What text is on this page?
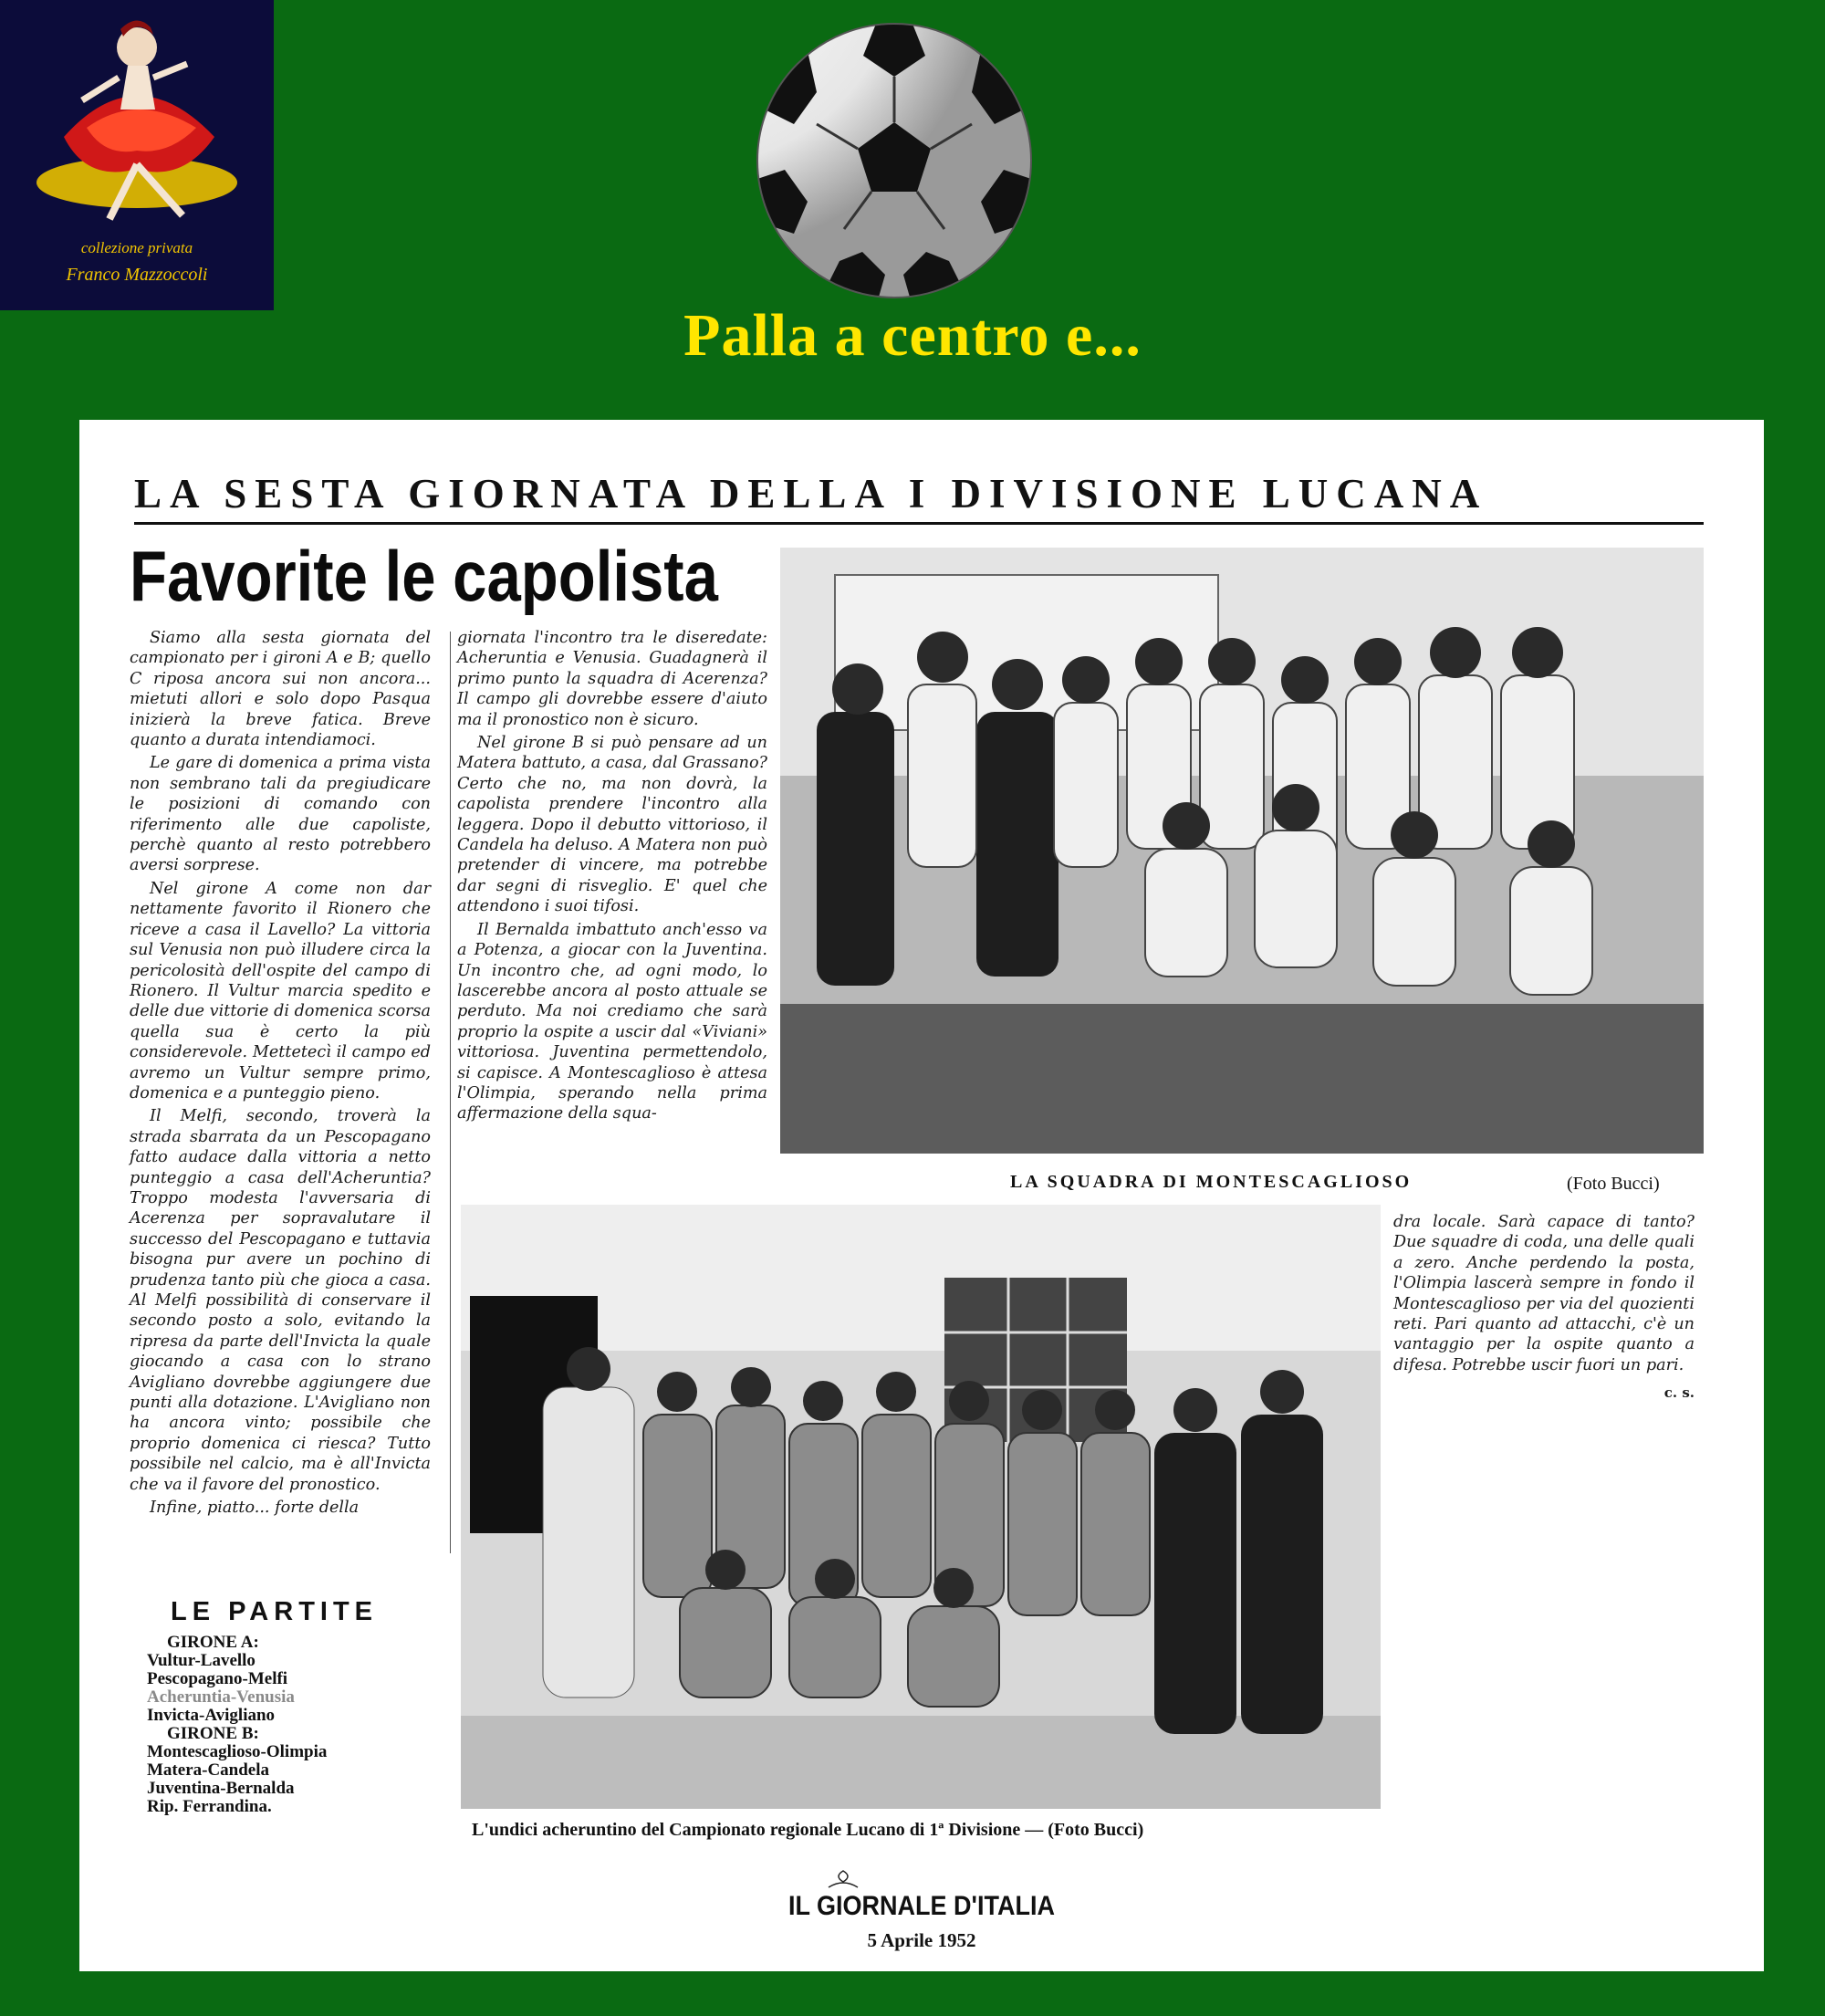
collezione privata
Franco Mazzoccoli
Palla a centro e...
LA SESTA GIORNATA DELLA I DIVISIONE LUCANA
Favorite le capolista

Siamo alla sesta giornata del campionato per i gironi A e B; quello C riposa ancora sui non ancora... mietuti allori e solo dopo Pasqua inizierà la breve fatica. Breve quanto a durata intendiamoci.

Le gare di domenica a prima vista non sembrano tali da pregiudicare le posizioni di comando con riferimento alle due capoliste, perchè quanto al resto potrebbero aversi sorprese.

Nel girone A come non dar nettamente favorito il Rionero che riceve a casa il Lavello? La vittoria sul Venusia non può illudere circa la pericolosità dell'ospite del campo di Rionero. Il Vultur marcia spedito e delle due vittorie di domenica scorsa quella sua è certo la più considerevole. Mettetecì il campo ed avremo un Vultur sempre primo, domenica e a punteggio pieno.

Il Melfi, secondo, troverà la strada sbarrata da un Pescopagano fatto audace dalla vittoria a netto punteggio a casa dell'Acheruntia? Troppo modesta l'avversaria di Acerenza per sopravalutare il successo del Pescopagano e tuttavia bisogna pur avere un pochino di prudenza tanto più che gioca a casa. Al Melfi possibilità di conservare il secondo posto a solo, evitando la ripresa da parte dell'Invicta la quale giocando a casa con lo strano Avigliano dovrebbe aggiungere due punti alla dotazione. L'Avigliano non ha ancora vinto; possibile che proprio domenica ci riesca? Tutto possibile nel calcio, ma è all'Invicta che va il favore del pronostico.

Infine, piatto... forte della

giornata l'incontro tra le diseredate: Acheruntia e Venusia. Guadagnerà il primo punto la squadra di Acerenza? Il campo gli dovrebbe essere d'aiuto ma il pronostico non è sicuro.

Nel girone B si può pensare ad un Matera battuto, a casa, dal Grassano? Certo che no, ma non dovrà, la capolista prendere l'incontro alla leggera. Dopo il debutto vittorioso, il Candela ha deluso. A Matera non può pretender di vincere, ma potrebbe dar segni di risveglio. E' quel che attendono i suoi tifosi.

Il Bernalda imbattuto anch'esso va a Potenza, a giocar con la Juventina. Un incontro che, ad ogni modo, lo lascerebbe ancora al posto attuale se perduto. Ma noi crediamo che sarà proprio la ospite a uscir dal «Viviani» vittoriosa. Juventina permettendolo, si capisce. A Montescaglioso è attesa l'Olimpia, sperando nella prima affermazione della squa-

LA SQUADRA DI MONTESCAGLIOSO	(Foto Bucci)
L'undici acheruntino del Campionato regionale Lucano di 1ª Divisione — (Foto Bucci)

dra locale. Sarà capace di tanto? Due squadre di coda, una delle quali a zero. Anche perdendo la posta, l'Olimpia lascerà sempre in fondo il Montescaglioso per via del quozienti reti. Pari quanto ad attacchi, c'è un vantaggio per la ospite quanto a difesa. Potrebbe uscir fuori un pari.

c. s.

LE PARTITE
GIRONE A:
Vultur-Lavello
Pescopagano-Melfi
Acheruntia-Venusia
Invicta-Avigliano
GIRONE B:
Montescaglioso-Olimpia
Matera-Candela
Juventina-Bernalda
Rip. Ferrandina.
IL GIORNALE D'ITALIA
5 Aprile 1952
